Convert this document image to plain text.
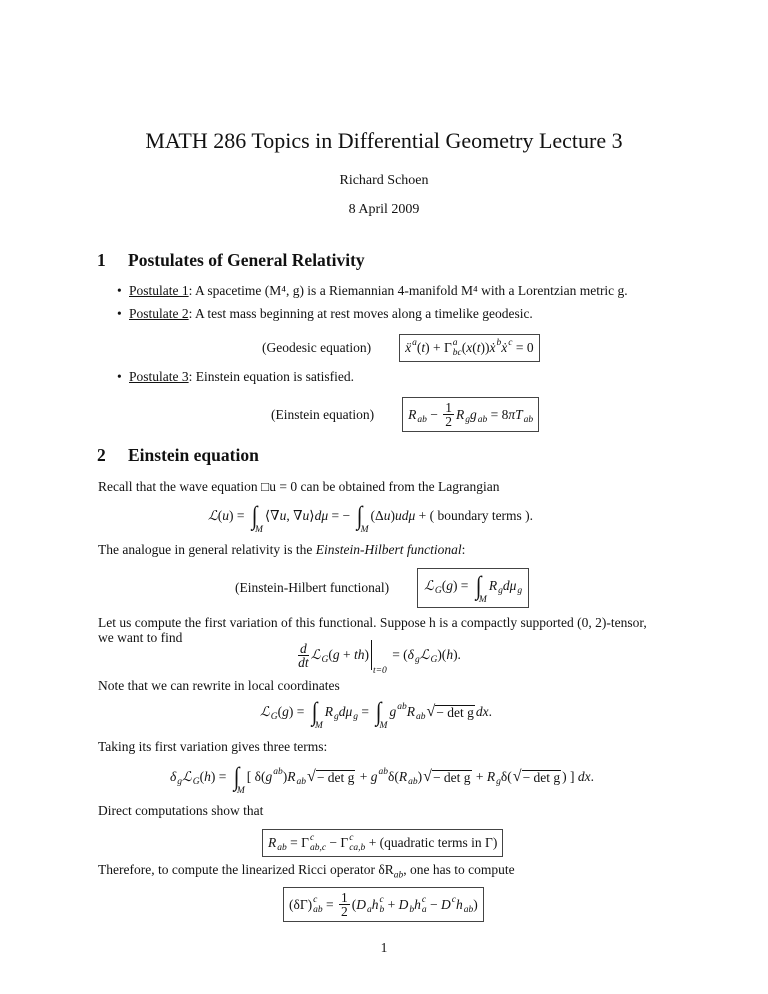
MATH 286 Topics in Differential Geometry Lecture 3
Richard Schoen
8 April 2009
1 Postulates of General Relativity
• Postulate 1: A spacetime (M⁴, g) is a Riemannian 4-manifold M⁴ with a Lorentzian metric g.
• Postulate 2: A test mass beginning at rest moves along a timelike geodesic.
(Geodesic equation)	ẍ a
( t ) + Γ a
bc ( x ( t )) ẋ b
ẋ c
= 0
• Postulate 3: Einstein equation is satisfied.
(Einstein equation)	R
ab − $\frac{1}{2}$ R
g g
ab = 8 πT
ab
2 Einstein equation
Recall that the wave equation □u = 0 can be obtained from the Lagrangian
ℒ ( u ) = ∫
M
⟨∇ u , ∇ u ⟩ dμ = − ∫
M
(Δ u ) udμ + ( boundary terms ).
The analogue in general relativity is the Einstein-Hilbert functional:
(Einstein-Hilbert functional)	ℒ
G ( g ) = ∫
M
R
g dμ
g
Let us compute the first variation of this functional. Suppose h is a compactly supported (0, 2)-tensor,
we want to find
$\frac{d}{dt}$ ℒ
G ( g + th )
t=0
= ( δ
g ℒ
G )( h ).
Note that we can rewrite in local coordinates
ℒ
G ( g ) = ∫
M
R
g dμ
g = ∫
M
g ab
R
ab √ − det g dx .
Taking its first variation gives three terms:
δ
g ℒ
G ( h ) = ∫
M
[ δ( g ab
) R
ab √ − det g + g ab
δ( R
ab ) √ − det g + R
g δ( √ − det g ) ] dx .
Direct computations show that
R
ab = Γ c
ab,c − Γ c
ca,b + (quadratic terms in Γ)
Therefore, to compute the linearized Ricci operator $\delta R_{ab}$, one has to compute
(δΓ) c
ab = $\frac{1}{2}$ ( D
a h c
b + D
b h c
a − D c
h
ab )
1
